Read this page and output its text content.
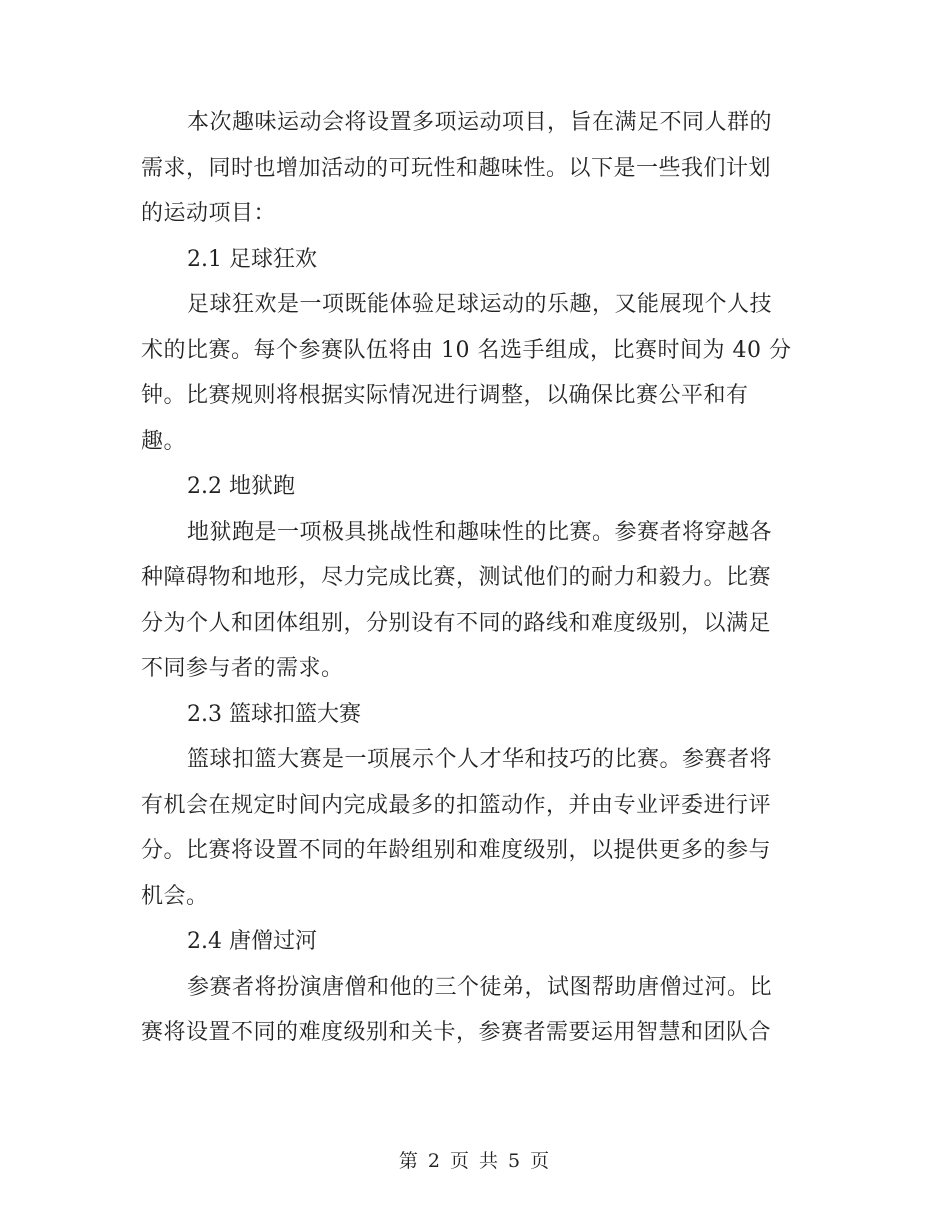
本次趣味运动会将设置多项运动项目，旨在满足不同人群的
需求，同时也增加活动的可玩性和趣味性。以下是一些我们计划
的运动项目：

2.1 足球狂欢

足球狂欢是一项既能体验足球运动的乐趣，又能展现个人技
术的比赛。每个参赛队伍将由 10 名选手组成，比赛时间为 40 分
钟。比赛规则将根据实际情况进行调整，以确保比赛公平和有
趣。

2.2 地狱跑

地狱跑是一项极具挑战性和趣味性的比赛。参赛者将穿越各
种障碍物和地形，尽力完成比赛，测试他们的耐力和毅力。比赛
分为个人和团体组别，分别设有不同的路线和难度级别，以满足
不同参与者的需求。

2.3 篮球扣篮大赛

篮球扣篮大赛是一项展示个人才华和技巧的比赛。参赛者将
有机会在规定时间内完成最多的扣篮动作，并由专业评委进行评
分。比赛将设置不同的年龄组别和难度级别，以提供更多的参与
机会。

2.4 唐僧过河

参赛者将扮演唐僧和他的三个徒弟，试图帮助唐僧过河。比
赛将设置不同的难度级别和关卡，参赛者需要运用智慧和团队合

第 2 页 共 5 页
